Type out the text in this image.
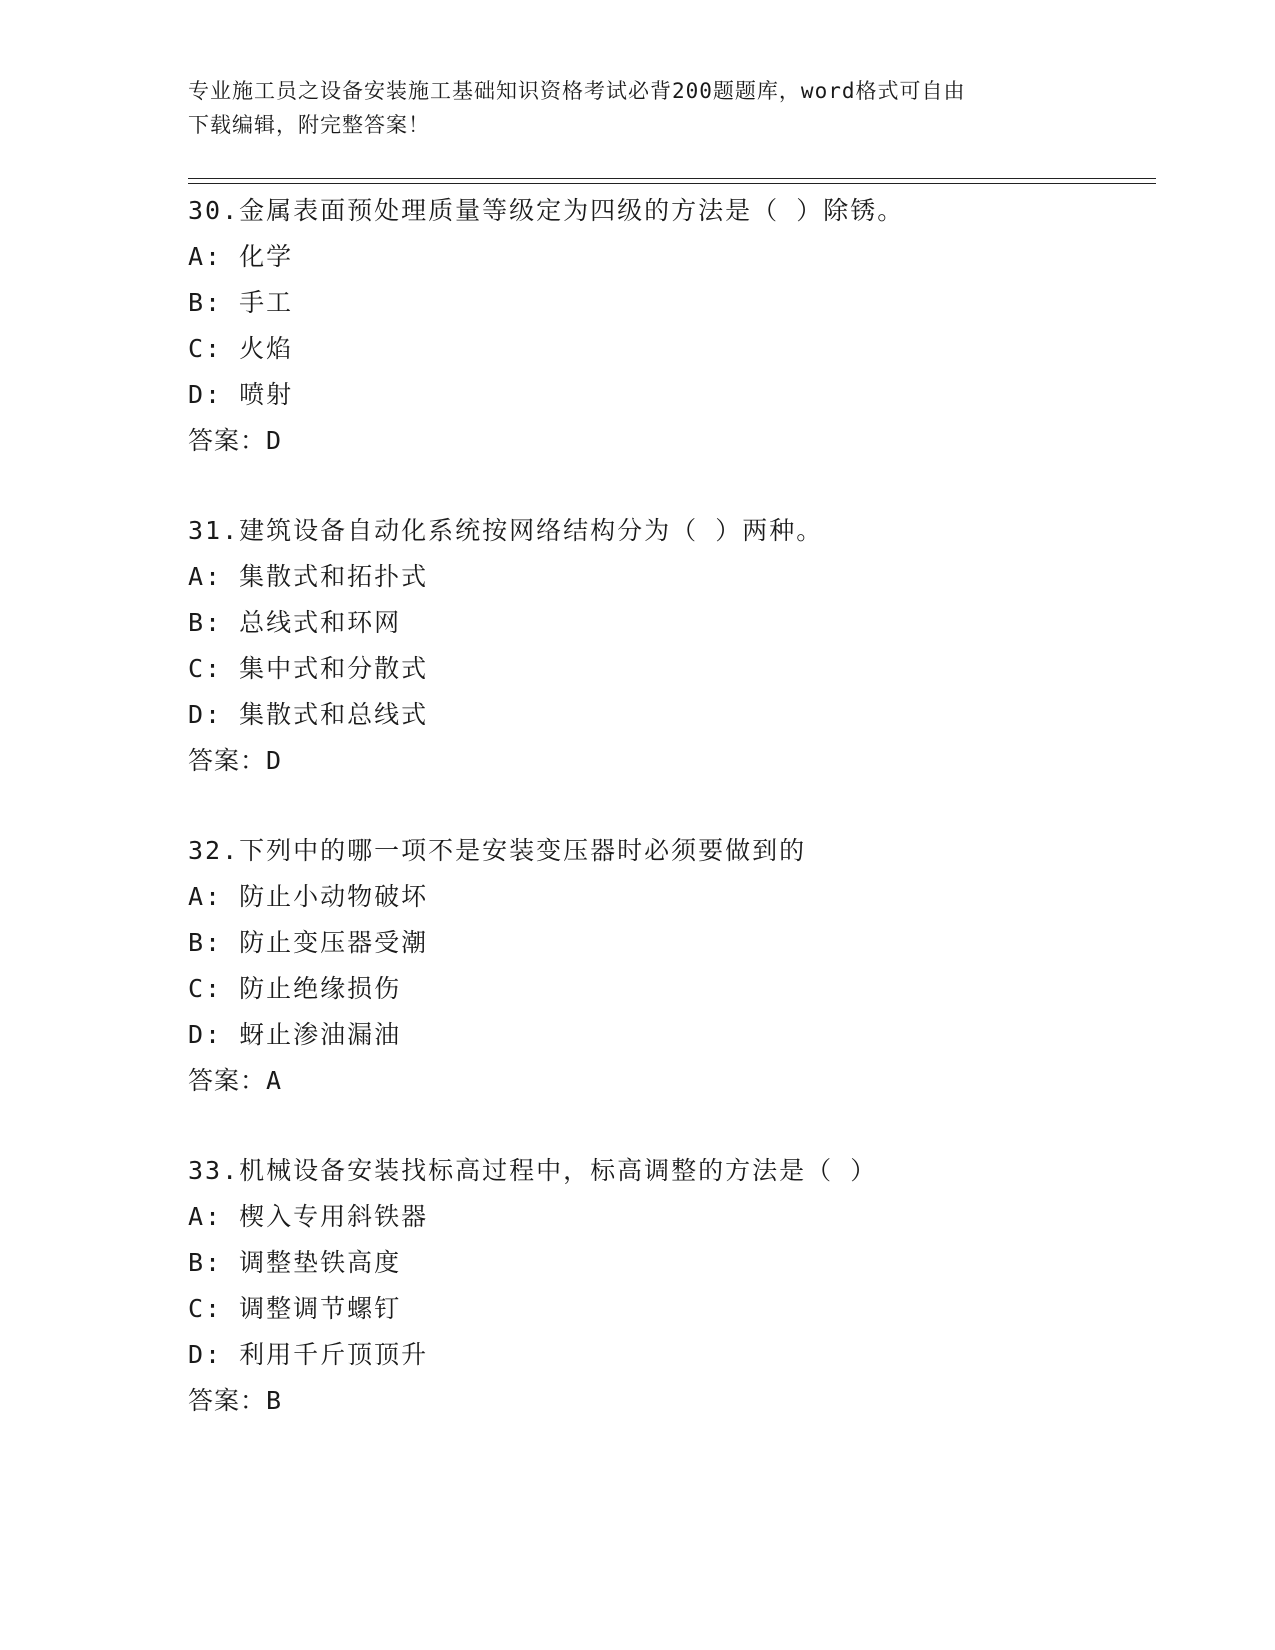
专业施工员之设备安装施工基础知识资格考试必背200题题库，word格式可自由
下载编辑，附完整答案！
30.金属表面预处理质量等级定为四级的方法是（ ）除锈。
A: 化学
B: 手工
C: 火焰
D: 喷射
答案：D
31.建筑设备自动化系统按网络结构分为（ ）两种。
A: 集散式和拓扑式
B: 总线式和环网
C: 集中式和分散式
D: 集散式和总线式
答案：D
32.下列中的哪一项不是安装变压器时必须要做到的
A: 防止小动物破坏
B: 防止变压器受潮
C: 防止绝缘损伤
D: 蚜止渗油漏油
答案：A
33.机械设备安装找标高过程中，标高调整的方法是（ ）
A: 楔入专用斜铁器
B: 调整垫铁高度
C: 调整调节螺钉
D: 利用千斤顶顶升
答案：B
